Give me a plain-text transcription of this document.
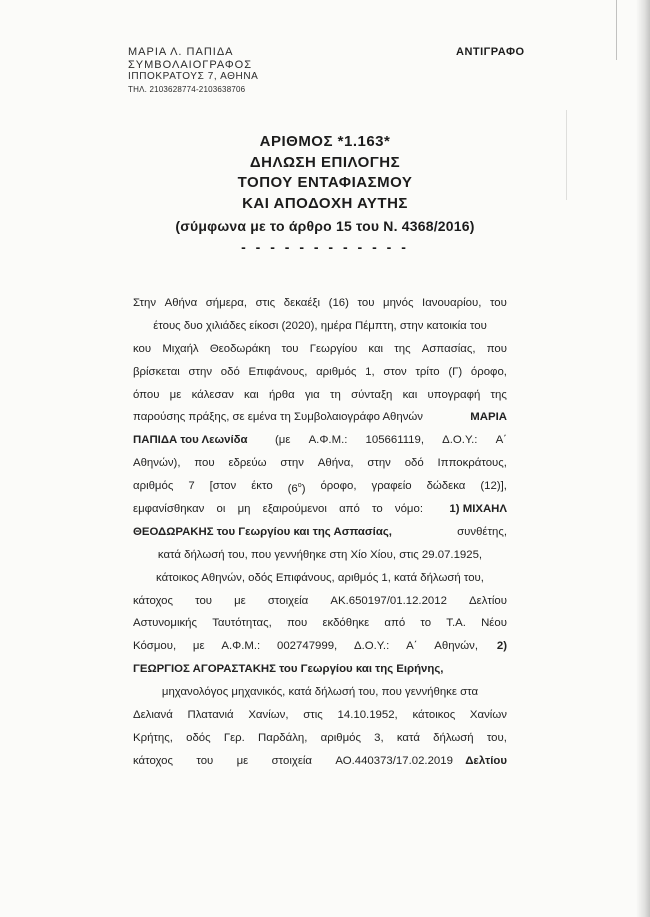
ΜΑΡΙΑ Λ. ΠΑΠΙΔΑ
ΣΥΜΒΟΛΑΙΟΓΡΑΦΟΣ
ΙΠΠΟΚΡΑΤΟΥΣ 7, ΑΘΗΝΑ
ΤΗΛ. 2103628774-2103638706
ΑΝΤΙΓΡΑΦΟ
ΑΡΙΘΜΟΣ *1.163*
ΔΗΛΩΣΗ ΕΠΙΛΟΓΗΣ
ΤΟΠΟΥ ΕΝΤΑΦΙΑΣΜΟΥ
ΚΑΙ ΑΠΟΔΟΧΗ ΑΥΤΗΣ
(σύμφωνα με το άρθρο 15 του Ν. 4368/2016)
- - - - - - - - - - - -
Στην Αθήνα σήμερα, στις δεκαέξι (16) του μηνός Ιανουαρίου, του
έτους δυο χιλιάδες είκοσι (2020), ημέρα Πέμπτη, στην κατοικία του
κου Μιχαήλ Θεοδωράκη του Γεωργίου και της Ασπασίας, που
βρίσκεται στην οδό Επιφάνους, αριθμός 1, στον τρίτο (Γ) όροφο,
όπου με κάλεσαν και ήρθα για τη σύνταξη και υπογραφή της
παρούσης πράξης, σε εμένα τη Συμβολαιογράφο Αθηνών	ΜΑΡΙΑ
ΠΑΠΙΔΑ του Λεωνίδα (με Α.Φ.Μ.: 105661119, Δ.Ο.Υ.: Α΄
Αθηνών), που εδρεύω στην Αθήνα, στην οδό Ιπποκράτους,
αριθμός 7 [στον έκτο $(6^o)$ όροφο, γραφείο δώδεκα (12)],
εμφανίσθηκαν οι μη εξαιρούμενοι από το νόμο: 1) ΜΙΧΑΗΛ
ΘΕΟΔΩΡΑΚΗΣ του Γεωργίου και της Ασπασίας,	συνθέτης,
κατά δήλωσή του, που γεννήθηκε στη Χίο Χίου, στις 29.07.1925,
κάτοικος Αθηνών, οδός Επιφάνους, αριθμός 1, κατά δήλωσή του,
κάτοχος του με στοιχεία ΑΚ.650197/01.12.2012 Δελτίου
Αστυνομικής Ταυτότητας, που εκδόθηκε από το Τ.Α. Νέου
Κόσμου, με Α.Φ.Μ.: 002747999, Δ.Ο.Υ.: Α΄ Αθηνών, 2)
ΓΕΩΡΓΙΟΣ ΑΓΟΡΑΣΤΑΚΗΣ του Γεωργίου και της Ειρήνης,
μηχανολόγος μηχανικός, κατά δήλωσή του, που γεννήθηκε στα
Δελιανά Πλατανιά Χανίων, στις 14.10.1952, κάτοικος Χανίων
Κρήτης, οδός Γερ. Παρδάλη, αριθμός 3, κατά δήλωσή του,
κάτοχος του με στοιχεία ΑΟ.440373/17.02.2019 Δελτίου
